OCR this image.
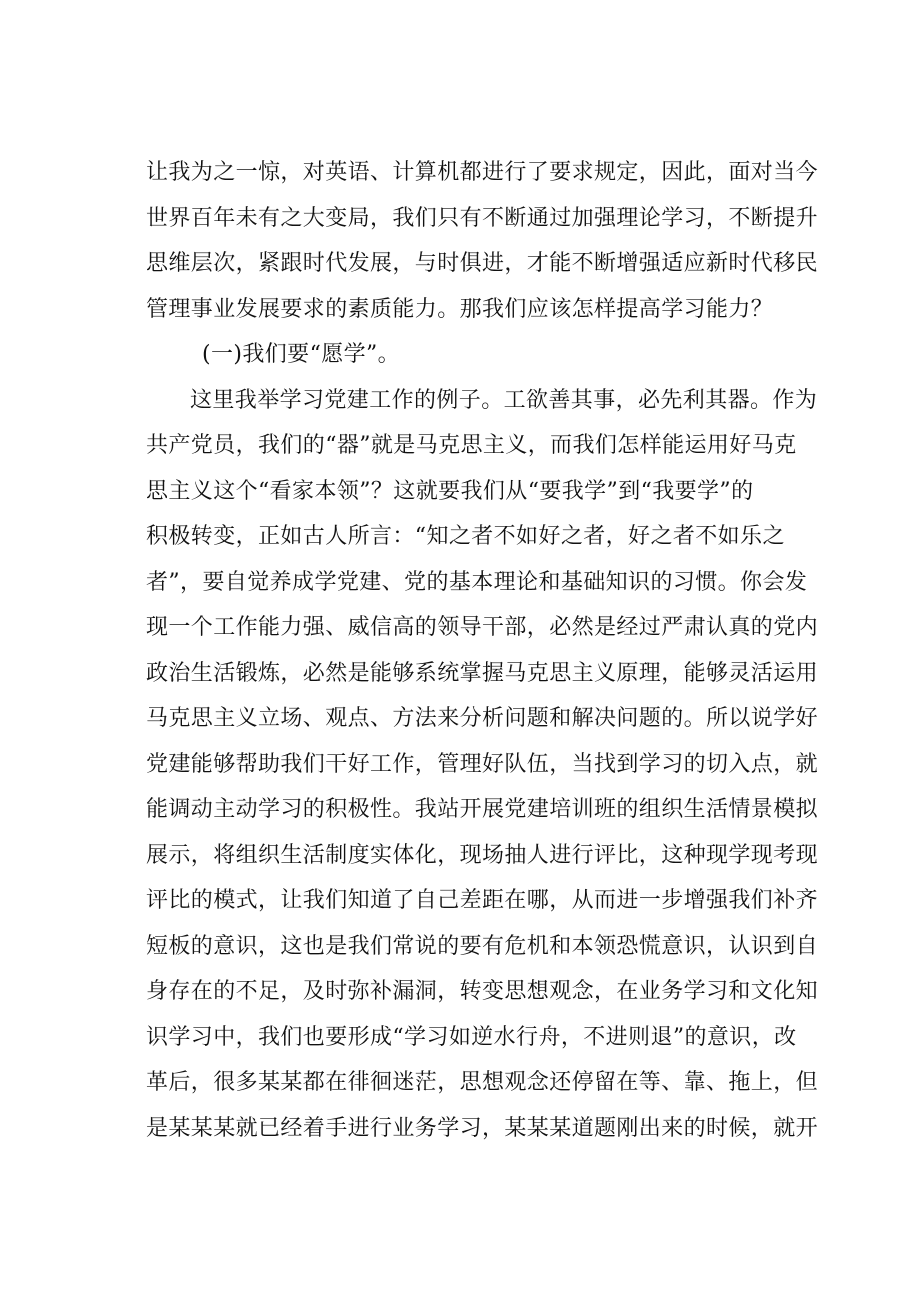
让我为之一惊，对英语、计算机都进行了要求规定，因此，面对当今
世界百年未有之大变局，我们只有不断通过加强理论学习，不断提升
思维层次，紧跟时代发展，与时俱进，才能不断增强适应新时代移民
管理事业发展要求的素质能力。那我们应该怎样提高学习能力？
(一)我们要“愿学”。
这里我举学习党建工作的例子。工欲善其事，必先利其器。作为
共产党员，我们的“器”就是马克思主义，而我们怎样能运用好马克
思主义这个“看家本领”？这就要我们从“要我学”到“我要学”的
积极转变，正如古人所言：“知之者不如好之者，好之者不如乐之
者”，要自觉养成学党建、党的基本理论和基础知识的习惯。你会发
现一个工作能力强、威信高的领导干部，必然是经过严肃认真的党内
政治生活锻炼，必然是能够系统掌握马克思主义原理，能够灵活运用
马克思主义立场、观点、方法来分析问题和解决问题的。所以说学好
党建能够帮助我们干好工作，管理好队伍，当找到学习的切入点，就
能调动主动学习的积极性。我站开展党建培训班的组织生活情景模拟
展示，将组织生活制度实体化，现场抽人进行评比，这种现学现考现
评比的模式，让我们知道了自己差距在哪，从而进一步增强我们补齐
短板的意识，这也是我们常说的要有危机和本领恐慌意识，认识到自
身存在的不足，及时弥补漏洞，转变思想观念，在业务学习和文化知
识学习中，我们也要形成“学习如逆水行舟，不进则退”的意识，改
革后，很多某某都在徘徊迷茫，思想观念还停留在等、靠、拖上，但
是某某某就已经着手进行业务学习，某某某道题刚出来的时候，就开
